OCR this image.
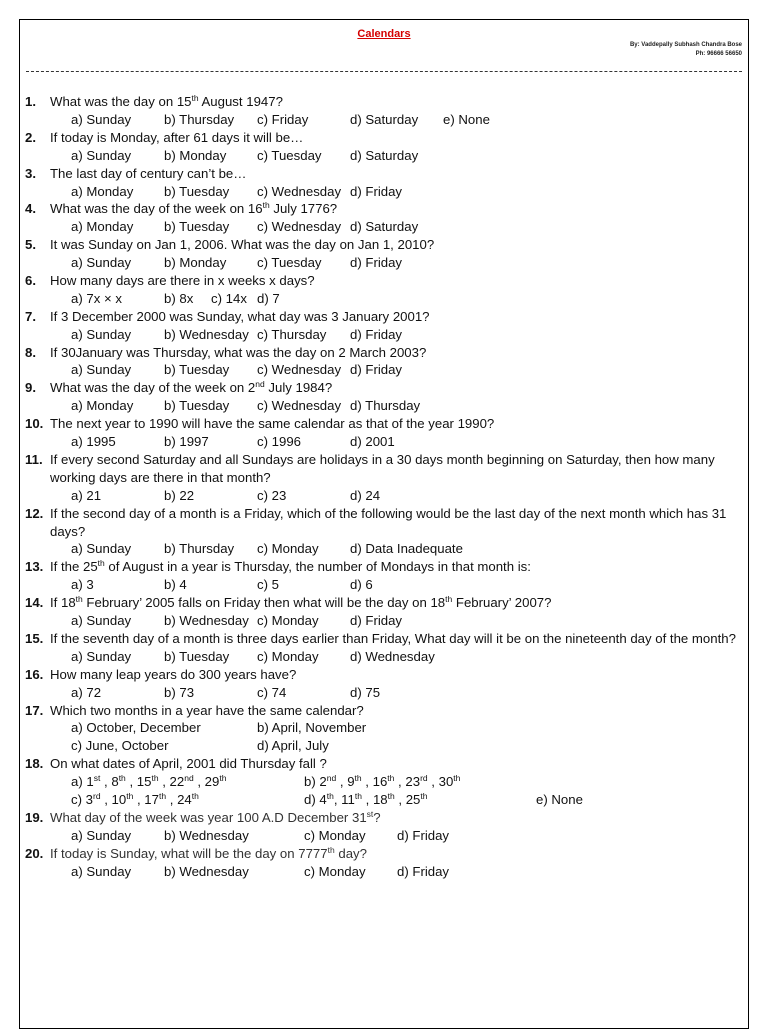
Calendars
By: Vaddepally Subhash Chandra Bose
Ph: 96666 56650
1. What was the day on 15th August 1947?
a) Sunday b) Thursday c) Friday	d) Saturday e) None
2. If today is Monday, after 61 days it will be…
a) Sunday b) Monday c) Tuesday d) Saturday
3. The last day of century can’t be…
a) Monday b) Tuesday c) Wednesday d) Friday
4. What was the day of the week on 16th July 1776?
a) Monday b) Tuesday c) Wednesday d) Saturday
5. It was Sunday on Jan 1, 2006. What was the day on Jan 1, 2010?
a) Sunday b) Monday c) Tuesday d) Friday
6. How many days are there in x weeks x days?
a) 7x × x	b) 8x c) 14x d) 7
7. If 3 December 2000 was Sunday, what day was 3 January 2001?
a) Sunday b) Wednesday c) Thursday d) Friday
8. If 30January was Thursday, what was the day on 2 March 2003?
a) Sunday b) Tuesday c) Wednesday d) Friday
9. What was the day of the week on 2nd July 1984?
a) Monday b) Tuesday c) Wednesday d) Thursday
10. The next year to 1990 will have the same calendar as that of the year 1990?
a) 1995	b) 1997	c) 1996	d) 2001
11. If every second Saturday and all Sundays are holidays in a 30 days month beginning on Saturday, then how many working days are there in that month?
a) 21	b) 22	c) 23	d) 24
12. If the second day of a month is a Friday, which of the following would be the last day of the next month which has 31 days?
a) Sunday b) Thursday c) Monday d) Data Inadequate
13. If the 25th of August in a year is Thursday, the number of Mondays in that month is:
a) 3	b) 4	c) 5	d) 6
14. If 18th February’ 2005 falls on Friday then what will be the day on 18th February’ 2007?
a) Sunday b) Wednesday c) Monday d) Friday
15. If the seventh day of a month is three days earlier than Friday, What day will it be on the nineteenth day of the month?
a) Sunday b) Tuesday c) Monday d) Wednesday
16. How many leap years do 300 years have?
a) 72	b) 73	c) 74	d) 75
17. Which two months in a year have the same calendar?
a) October, December	b) April, November
c) June, October	d) April, July
18. On what dates of April, 2001 did Thursday fall ?
a) 1st , 8th , 15th , 22nd , 29th	b) 2nd , 9th , 16th , 23rd , 30th
c) 3rd , 10th , 17th , 24th	d) 4th, 11th , 18th , 25th	e) None
19. What day of the week was year 100 A.D December 31st?
a) Sunday b) Wednesday	c) Monday d) Friday
20. If today is Sunday, what will be the day on 7777th day?
a) Sunday b) Wednesday	c) Monday d) Friday
